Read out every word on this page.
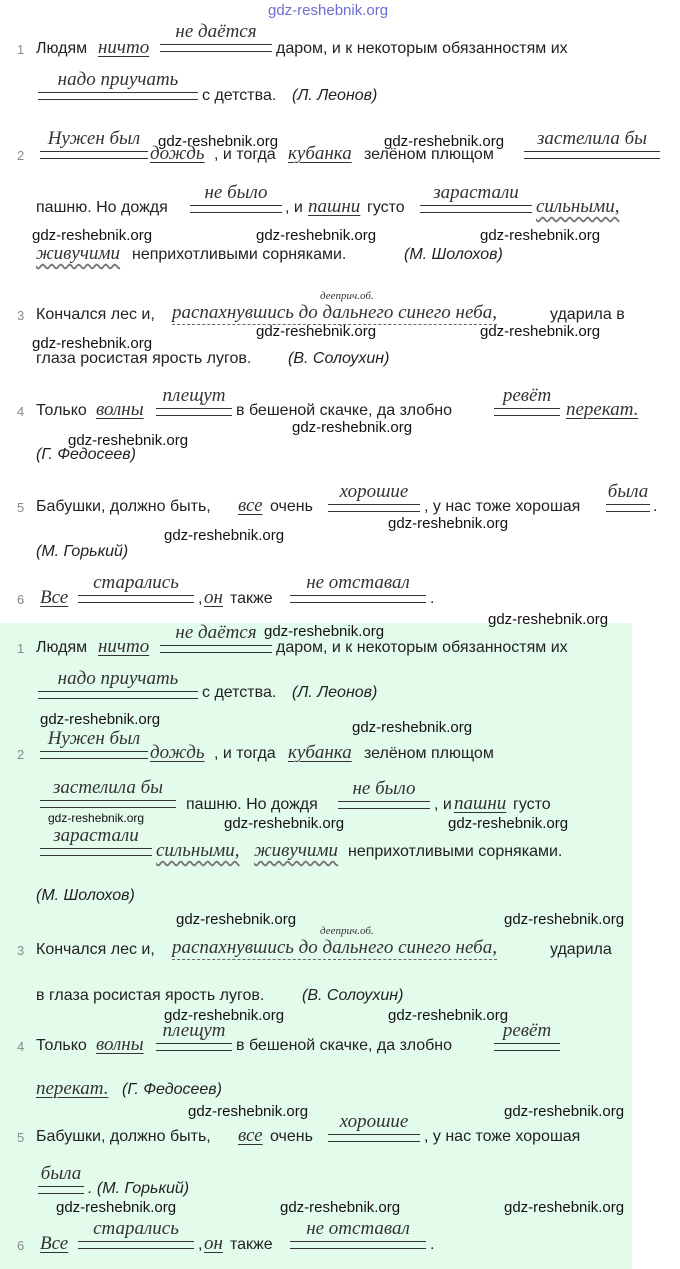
gdz-reshebnik.org
1 Людям ничто
не даётся
даром, и к некоторым обязанностям их
надо приучать
с детства. (Л. Леонов)
2
Нужен был
дождь , и тогда кубанка зелёном плющом
застелила бы
пашню. Но дождя
не было
, и пашни густо
зарастали
сильными,
живучими неприхотливыми сорняками.	(М. Шолохов)
дееприч.об.
3 Кончался лес и, распахнувшись до дальнего синего неба,	ударила в
глаза росистая ярость лугов. (В. Солоухин)
4 Только волны
плещут
в бешеной скачке, да злобно
ревёт
перекат.
(Г. Федосеев)
5 Бабушки, должно быть, все очень
хорошие
, у нас тоже хорошая
была
.
(М. Горький)
6 Все
старались
, он также
не отставал
.
1 Людям ничто
не даётся
даром, и к некоторым обязанностям их
надо приучать
с детства. (Л. Леонов)
2
Нужен был
дождь , и тогда кубанка зелёном плющом
застелила бы
пашню. Но дождя
не было
, и пашни густо
зарастали
сильными, живучими неприхотливыми сорняками.
(М. Шолохов)
дееприч.об.
3 Кончался лес и, распахнувшись до дальнего синего неба,	ударила
в глаза росистая ярость лугов. (В. Солоухин)
4 Только волны
плещут
в бешеной скачке, да злобно
ревёт
перекат. (Г. Федосеев)
5 Бабушки, должно быть, все очень
хорошие
, у нас тоже хорошая
была
. (М. Горький)
6 Все
старались
, он также
не отставал
.
gdz-reshebnik.org	gdz-reshebnik.org
gdz-reshebnik.org	gdz-reshebnik.org	gdz-reshebnik.org
gdz-reshebnik.org	gdz-reshebnik.org
gdz-reshebnik.org
gdz-reshebnik.org
gdz-reshebnik.org
gdz-reshebnik.org
gdz-reshebnik.org
gdz-reshebnik.org
gdz-reshebnik.org
gdz-reshebnik.org	gdz-reshebnik.org
gdz-reshebnik.org	gdz-reshebnik.org	gdz-reshebnik.org
gdz-reshebnik.org	gdz-reshebnik.org
gdz-reshebnik.org	gdz-reshebnik.org
gdz-reshebnik.org	gdz-reshebnik.org
gdz-reshebnik.org	gdz-reshebnik.org	gdz-reshebnik.org
